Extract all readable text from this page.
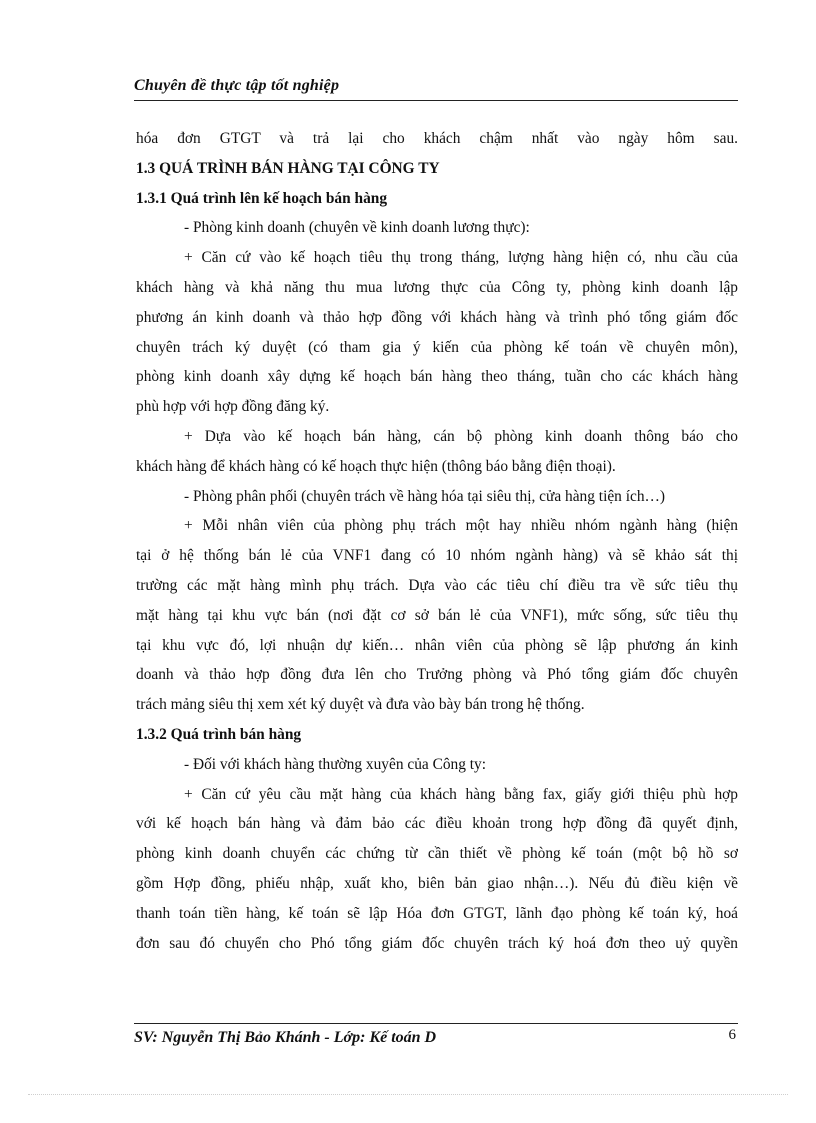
Chuyên đề thực tập tốt nghiệp
hóa đơn GTGT và trả lại cho khách chậm nhất vào ngày hôm sau.
1.3 QUÁ TRÌNH BÁN HÀNG TẠI CÔNG TY
1.3.1 Quá trình lên kế hoạch bán hàng
- Phòng kinh doanh (chuyên về kinh doanh lương thực):
+ Căn cứ vào kế hoạch tiêu thụ trong tháng, lượng hàng hiện có, nhu cầu của
khách hàng và khả năng thu mua lương thực của Công ty, phòng kinh doanh lập
phương án kinh doanh và thảo hợp đồng với khách hàng và trình phó tổng giám đốc
chuyên trách ký duyệt (có tham gia ý kiến của phòng kế toán về chuyên môn),
phòng kinh doanh xây dựng kế hoạch bán hàng theo tháng, tuần cho các khách hàng
phù hợp với hợp đồng đăng ký.
+ Dựa vào kế hoạch bán hàng, cán bộ phòng kinh doanh thông báo cho
khách hàng để khách hàng có kế hoạch thực hiện (thông báo bằng điện thoại).
- Phòng phân phối (chuyên trách về hàng hóa tại siêu thị, cửa hàng tiện ích…)
+ Mỗi nhân viên của phòng phụ trách một hay nhiều nhóm ngành hàng (hiện
tại ở hệ thống bán lẻ của VNF1 đang có 10 nhóm ngành hàng) và sẽ khảo sát thị
trường các mặt hàng mình phụ trách. Dựa vào các tiêu chí điều tra về sức tiêu thụ
mặt hàng tại khu vực bán (nơi đặt cơ sở bán lẻ của VNF1), mức sống, sức tiêu thụ
tại khu vực đó, lợi nhuận dự kiến… nhân viên của phòng sẽ lập phương án kinh
doanh và thảo hợp đồng đưa lên cho Trưởng phòng và Phó tổng giám đốc chuyên
trách mảng siêu thị xem xét ký duyệt và đưa vào bày bán trong hệ thống.
1.3.2 Quá trình bán hàng
- Đối với khách hàng thường xuyên của Công ty:
+ Căn cứ yêu cầu mặt hàng của khách hàng bằng fax, giấy giới thiệu phù hợp
với kế hoạch bán hàng và đảm bảo các điều khoản trong hợp đồng đã quyết định,
phòng kinh doanh chuyển các chứng từ cần thiết về phòng kế toán (một bộ hồ sơ
gồm Hợp đồng, phiếu nhập, xuất kho, biên bản giao nhận…). Nếu đủ điều kiện về
thanh toán tiền hàng, kế toán sẽ lập Hóa đơn GTGT, lãnh đạo phòng kế toán ký, hoá
đơn sau đó chuyển cho Phó tổng giám đốc chuyên trách ký hoá đơn theo uỷ quyền
SV: Nguyễn Thị Bảo Khánh - Lớp: Kế toán D	6
